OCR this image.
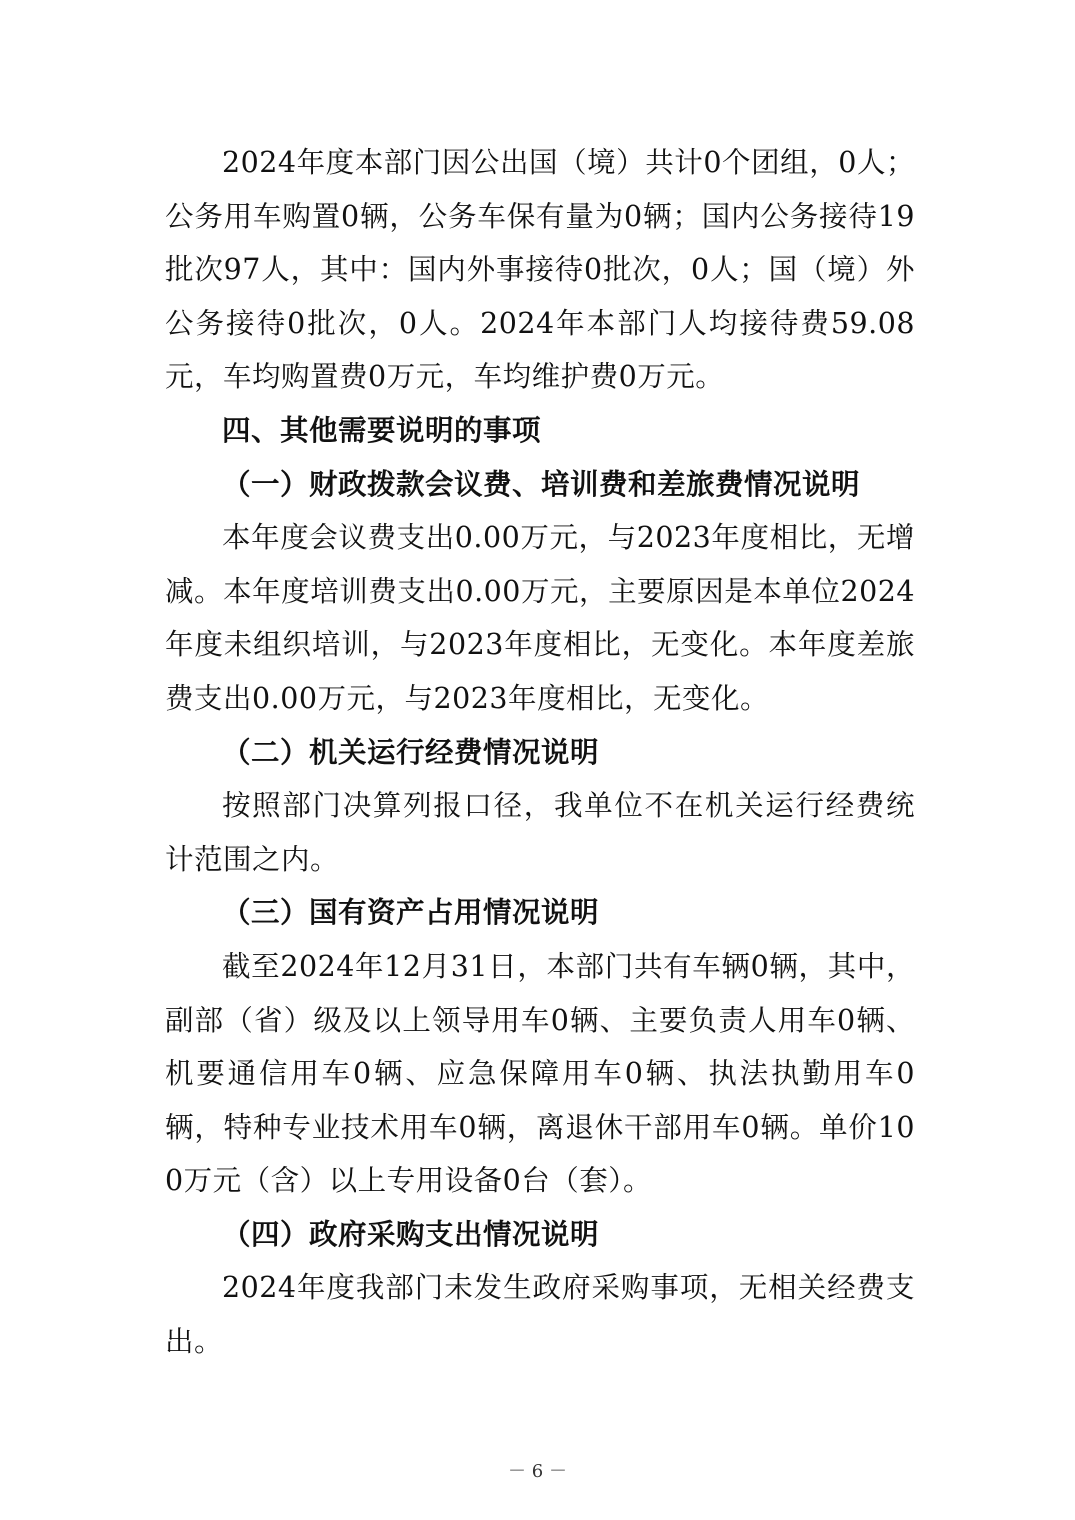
2024年度本部门因公出国（境）共计0个团组，0人；公务用车购置0辆，公务车保有量为0辆；国内公务接待19批次97人，其中：国内外事接待0批次，0人；国（境）外公务接待0批次，0人。2024年本部门人均接待费59.08元，车均购置费0万元，车均维护费0万元。

四、其他需要说明的事项

（一）财政拨款会议费、培训费和差旅费情况说明

本年度会议费支出0.00万元，与2023年度相比，无增减。本年度培训费支出0.00万元，主要原因是本单位2024年度未组织培训，与2023年度相比，无变化。本年度差旅费支出0.00万元，与2023年度相比，无变化。

（二）机关运行经费情况说明

按照部门决算列报口径，我单位不在机关运行经费统计范围之内。

（三）国有资产占用情况说明

截至2024年12月31日，本部门共有车辆0辆，其中，副部（省）级及以上领导用车0辆、主要负责人用车0辆、机要通信用车0辆、应急保障用车0辆、执法执勤用车0辆，特种专业技术用车0辆，离退休干部用车0辆。单价100万元（含）以上专用设备0台（套）。

（四）政府采购支出情况说明

2024年度我部门未发生政府采购事项，无相关经费支出。

－ 6 －
